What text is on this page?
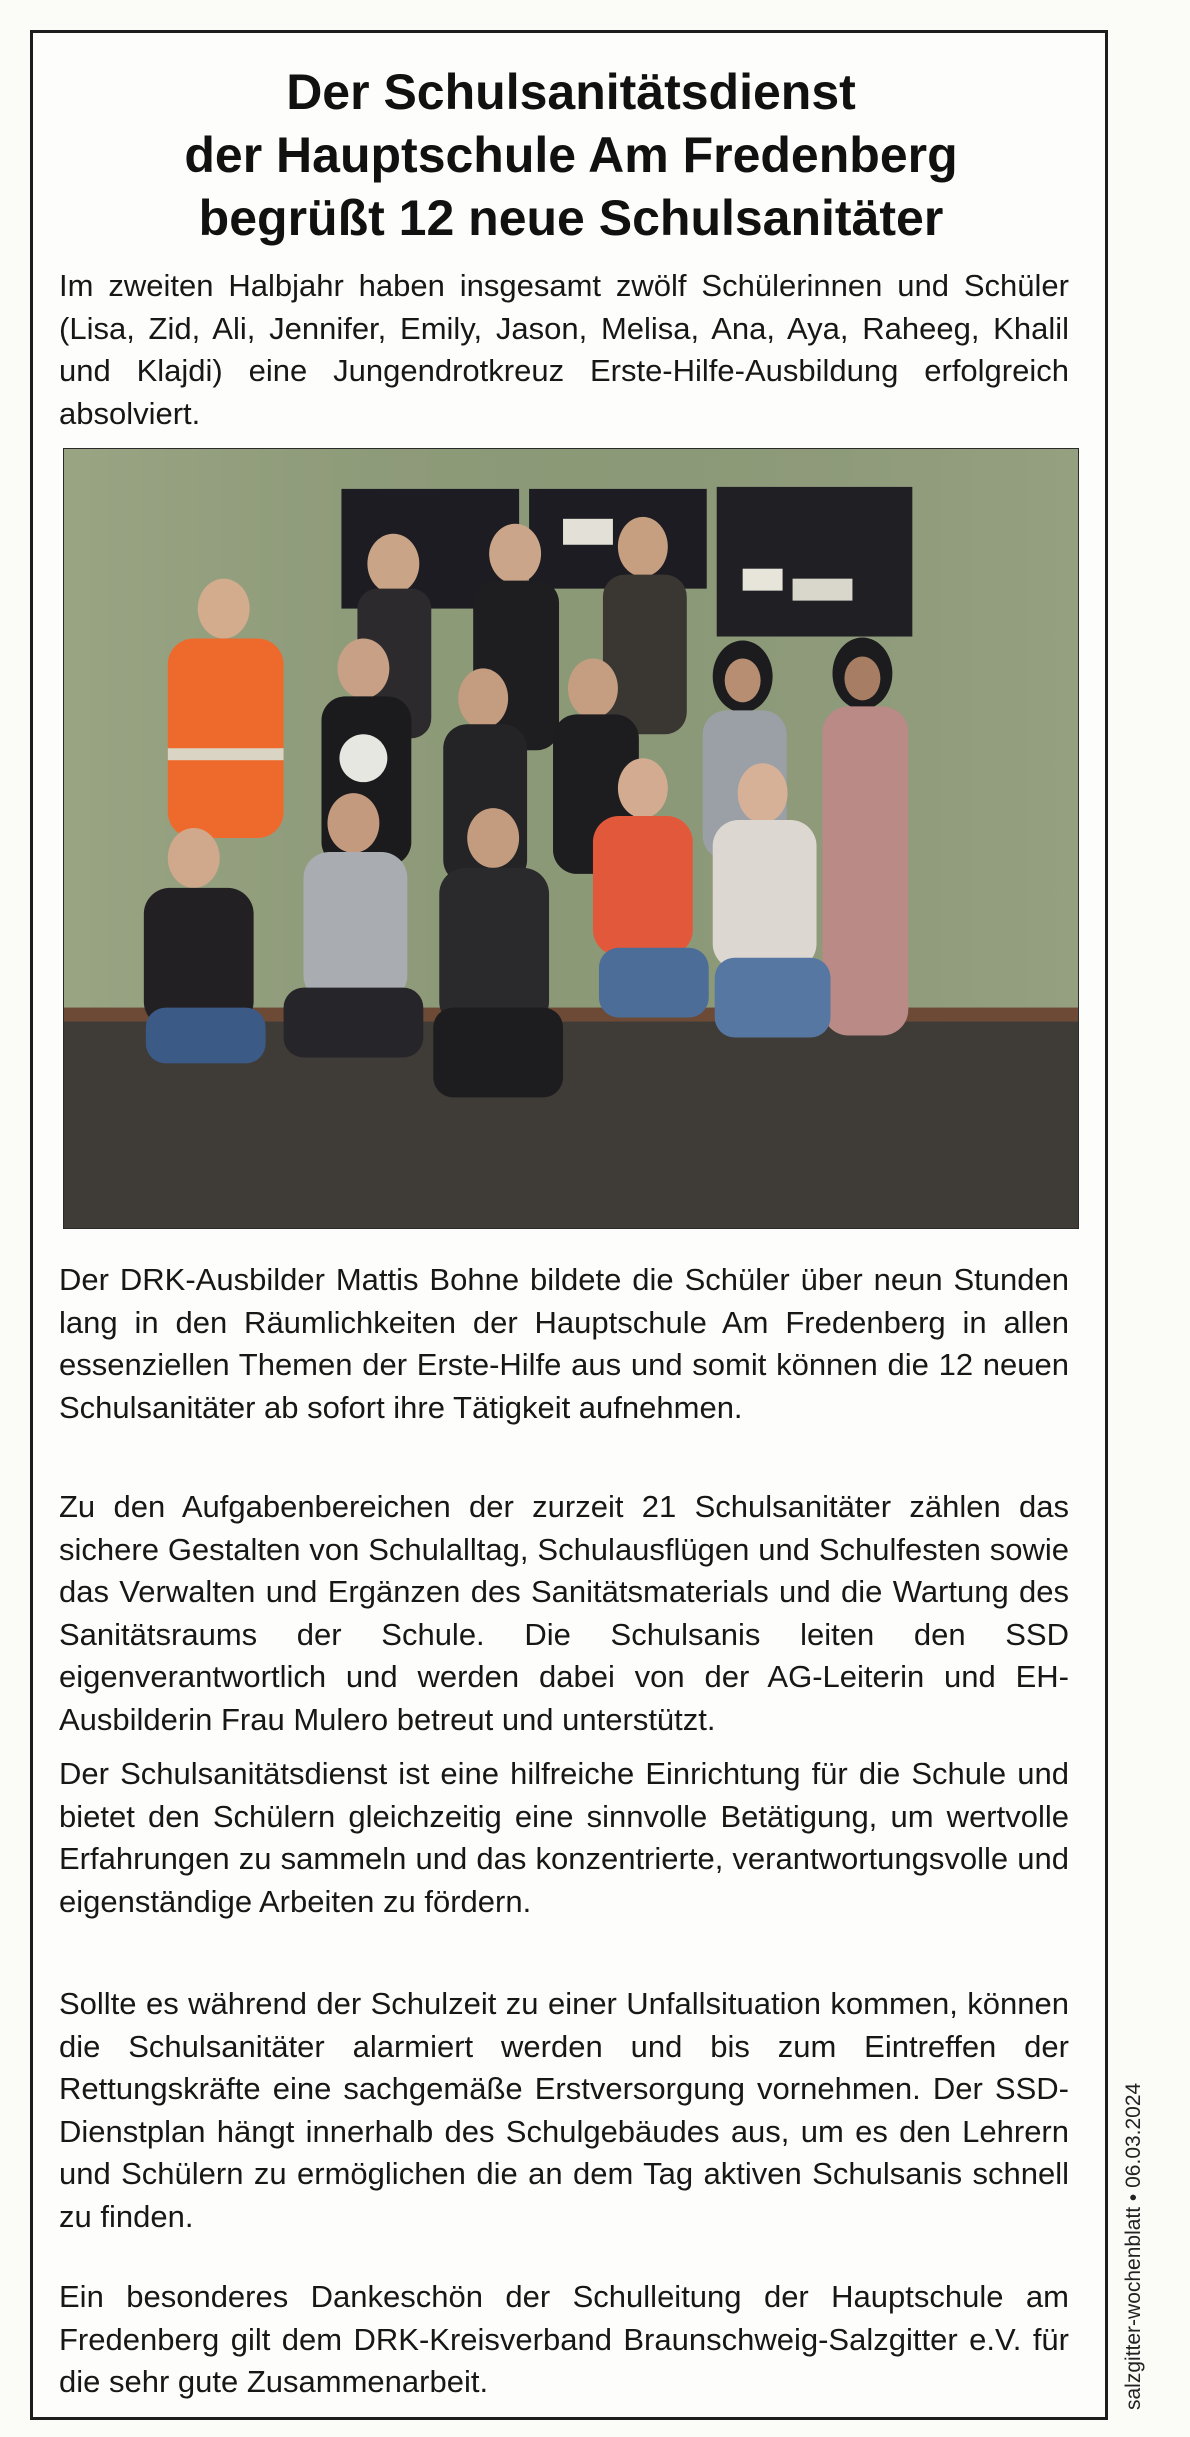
Der Schulsanitätsdienst
der Hauptschule Am Fredenberg
begrüßt 12 neue Schulsanitäter

Im zweiten Halbjahr haben insgesamt zwölf Schülerinnen und Schüler (Lisa, Zid, Ali, Jennifer, Emily, Jason, Melisa, Ana, Aya, Raheeg, Khalil und Klajdi) eine Jungendrotkreuz Erste-Hilfe-Ausbildung erfolgreich absolviert.

Der DRK-Ausbilder Mattis Bohne bildete die Schüler über neun Stunden lang in den Räumlichkeiten der Hauptschule Am Fredenberg in allen essenziellen Themen der Erste-Hilfe aus und somit können die 12 neuen Schulsanitäter ab sofort ihre Tätigkeit aufnehmen.

Zu den Aufgabenbereichen der zurzeit 21 Schulsanitäter zählen das sichere Gestalten von Schulalltag, Schulausflügen und Schulfesten sowie das Verwalten und Ergänzen des Sanitätsmaterials und die Wartung des Sanitätsraums der Schule. Die Schulsanis leiten den SSD eigenverantwortlich und werden dabei von der AG-Leiterin und EH-Ausbilderin Frau Mulero betreut und unterstützt.

Der Schulsanitätsdienst ist eine hilfreiche Einrichtung für die Schule und bietet den Schülern gleichzeitig eine sinnvolle Betätigung, um wertvolle Erfahrungen zu sammeln und das konzentrierte, verantwortungsvolle und eigenständige Arbeiten zu fördern.

Sollte es während der Schulzeit zu einer Unfallsituation kommen, können die Schulsanitäter alarmiert werden und bis zum Eintreffen der Rettungskräfte eine sachgemäße Erstversorgung vornehmen. Der SSD-Dienstplan hängt innerhalb des Schulgebäudes aus, um es den Lehrern und Schülern zu ermöglichen die an dem Tag aktiven Schulsanis schnell zu finden.

Ein besonderes Dankeschön der Schulleitung der Hauptschule am Fredenberg gilt dem DRK-Kreisverband Braunschweig-Salzgitter e.V. für die sehr gute Zusammenarbeit.	salzgitter-wochenblatt • 06.03.2024
